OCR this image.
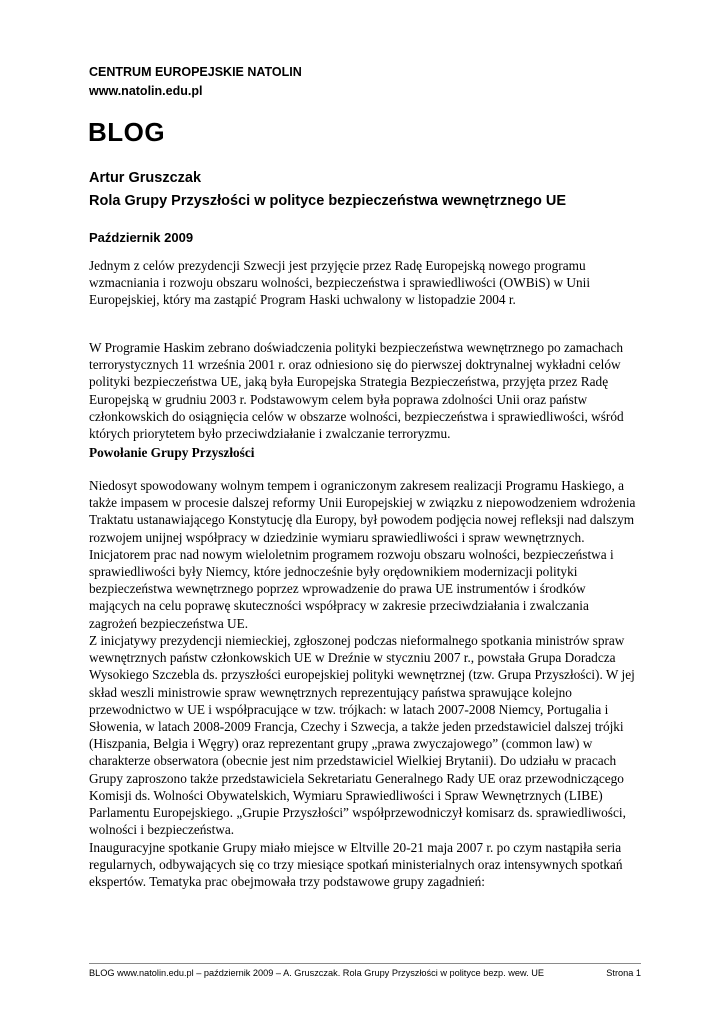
CENTRUM EUROPEJSKIE NATOLIN
www.natolin.edu.pl
BLOG
Artur Gruszczak
Rola Grupy Przyszłości w polityce bezpieczeństwa wewnętrznego UE
Październik 2009
Jednym z celów prezydencji Szwecji jest przyjęcie przez Radę Europejską nowego programu
wzmacniania i rozwoju obszaru wolności, bezpieczeństwa i sprawiedliwości (OWBiS) w Unii
Europejskiej, który ma zastąpić Program Haski uchwalony w listopadzie 2004 r.
W Programie Haskim zebrano doświadczenia polityki bezpieczeństwa wewnętrznego po zamachach
terrorystycznych 11 września 2001 r. oraz odniesiono się do pierwszej doktrynalnej wykładni celów
polityki bezpieczeństwa UE, jaką była Europejska Strategia Bezpieczeństwa, przyjęta przez Radę
Europejską w grudniu 2003 r. Podstawowym celem była poprawa zdolności Unii oraz państw
członkowskich do osiągnięcia celów w obszarze wolności, bezpieczeństwa i sprawiedliwości, wśród
których priorytetem było przeciwdziałanie i zwalczanie terroryzmu.
Powołanie Grupy Przyszłości
Niedosyt spowodowany wolnym tempem i ograniczonym zakresem realizacji Programu Haskiego, a
także impasem w procesie dalszej reformy Unii Europejskiej w związku z niepowodzeniem wdrożenia
Traktatu ustanawiającego Konstytucję dla Europy, był powodem podjęcia nowej refleksji nad dalszym
rozwojem unijnej współpracy w dziedzinie wymiaru sprawiedliwości i spraw wewnętrznych.
Inicjatorem prac nad nowym wieloletnim programem rozwoju obszaru wolności, bezpieczeństwa i
sprawiedliwości były Niemcy, które jednocześnie były orędownikiem modernizacji polityki
bezpieczeństwa wewnętrznego poprzez wprowadzenie do prawa UE instrumentów i środków
mających na celu poprawę skuteczności współpracy w zakresie przeciwdziałania i zwalczania
zagrożeń bezpieczeństwa UE.
Z inicjatywy prezydencji niemieckiej, zgłoszonej podczas nieformalnego spotkania ministrów spraw
wewnętrznych państw członkowskich UE w Dreźnie w styczniu 2007 r., powstała Grupa Doradcza
Wysokiego Szczebla ds. przyszłości europejskiej polityki wewnętrznej (tzw. Grupa Przyszłości). W jej
skład weszli ministrowie spraw wewnętrznych reprezentujący państwa sprawujące kolejno
przewodnictwo w UE i współpracujące w tzw. trójkach: w latach 2007-2008 Niemcy, Portugalia i
Słowenia, w latach 2008-2009 Francja, Czechy i Szwecja, a także jeden przedstawiciel dalszej trójki
(Hiszpania, Belgia i Węgry) oraz reprezentant grupy „prawa zwyczajowego” (common law) w
charakterze obserwatora (obecnie jest nim przedstawiciel Wielkiej Brytanii). Do udziału w pracach
Grupy zaproszono także przedstawiciela Sekretariatu Generalnego Rady UE oraz przewodniczącego
Komisji ds. Wolności Obywatelskich, Wymiaru Sprawiedliwości i Spraw Wewnętrznych (LIBE)
Parlamentu Europejskiego. „Grupie Przyszłości” współprzewodniczył komisarz ds. sprawiedliwości,
wolności i bezpieczeństwa.
Inauguracyjne spotkanie Grupy miało miejsce w Eltville 20-21 maja 2007 r. po czym nastąpiła seria
regularnych, odbywających się co trzy miesiące spotkań ministerialnych oraz intensywnych spotkań
ekspertów. Tematyka prac obejmowała trzy podstawowe grupy zagadnień:
BLOG www.natolin.edu.pl – październik 2009 – A. Gruszczak. Rola Grupy Przyszłości w polityce bezp. wew. UE	Strona 1
